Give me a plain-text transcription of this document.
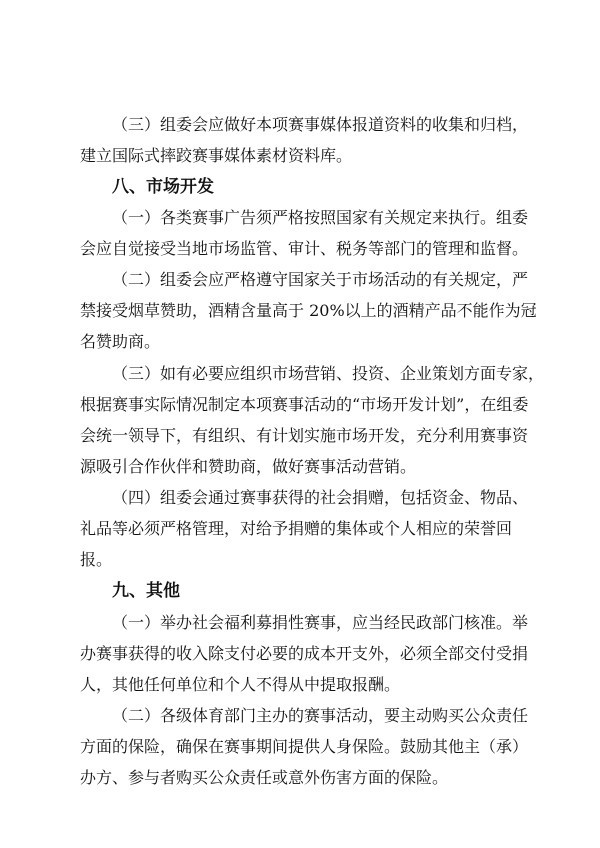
（三）组委会应做好本项赛事媒体报道资料的收集和归档，
建立国际式摔跤赛事媒体素材资料库。
八、市场开发
（一）各类赛事广告须严格按照国家有关规定来执行。组委
会应自觉接受当地市场监管、审计、税务等部门的管理和监督。
（二）组委会应严格遵守国家关于市场活动的有关规定，严
禁接受烟草赞助，酒精含量高于 20%以上的酒精产品不能作为冠
名赞助商。
（三）如有必要应组织市场营销、投资、企业策划方面专家，
根据赛事实际情况制定本项赛事活动的“市场开发计划”，在组委
会统一领导下，有组织、有计划实施市场开发，充分利用赛事资
源吸引合作伙伴和赞助商，做好赛事活动营销。
（四）组委会通过赛事获得的社会捐赠，包括资金、物品、
礼品等必须严格管理，对给予捐赠的集体或个人相应的荣誉回
报。
九、其他
（一）举办社会福利募捐性赛事，应当经民政部门核准。举
办赛事获得的收入除支付必要的成本开支外，必须全部交付受捐
人，其他任何单位和个人不得从中提取报酬。
（二）各级体育部门主办的赛事活动，要主动购买公众责任
方面的保险，确保在赛事期间提供人身保险。鼓励其他主（承）
办方、参与者购买公众责任或意外伤害方面的保险。
